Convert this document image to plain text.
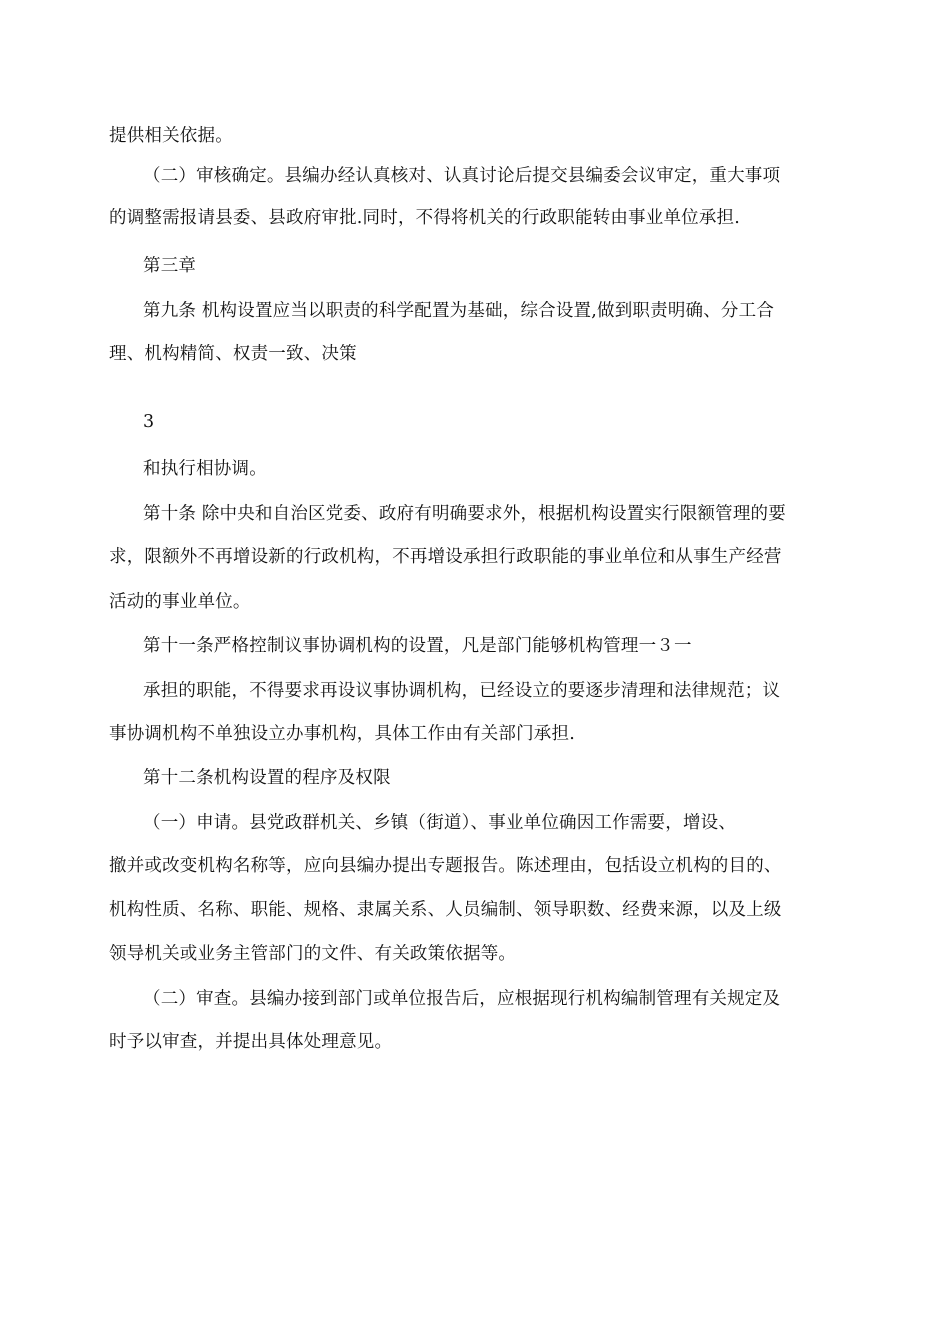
提供相关依据。
（二）审核确定。县编办经认真核对、认真讨论后提交县编委会议审定，重大事项
的调整需报请县委、县政府审批.同时，不得将机关的行政职能转由事业单位承担.
第三章
第九条 机构设置应当以职责的科学配置为基础，综合设置,做到职责明确、分工合
理、机构精简、权责一致、决策
3
和执行相协调。
第十条 除中央和自治区党委、政府有明确要求外，根据机构设置实行限额管理的要
求，限额外不再增设新的行政机构，不再增设承担行政职能的事业单位和从事生产经营
活动的事业单位。
第十一条严格控制议事协调机构的设置，凡是部门能够机构管理一３一
承担的职能，不得要求再设议事协调机构，已经设立的要逐步清理和法律规范；议
事协调机构不单独设立办事机构，具体工作由有关部门承担.
第十二条机构设置的程序及权限
（一）申请。县党政群机关、乡镇（街道）、事业单位确因工作需要，增设、
撤并或改变机构名称等，应向县编办提出专题报告。陈述理由，包括设立机构的目的、
机构性质、名称、职能、规格、隶属关系、人员编制、领导职数、经费来源，以及上级
领导机关或业务主管部门的文件、有关政策依据等。
（二）审查。县编办接到部门或单位报告后，应根据现行机构编制管理有关规定及
时予以审查，并提出具体处理意见。
